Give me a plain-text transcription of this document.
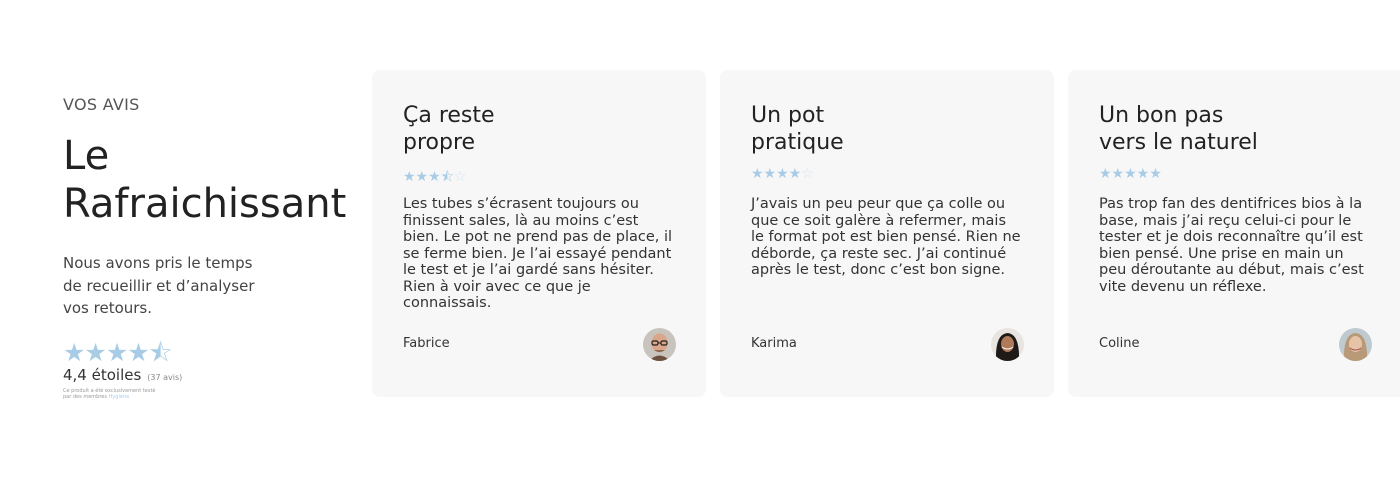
VOS AVIS
Le
Rafraichissant

Nous avons pris le temps de recueillir et d’analyser vos retours.

★★★★⯪
4,4 étoiles (37 avis)
Ce produit a été exclusivement testé par des membres Hygiène
Ça reste
propre
★★★⯪☆

Les tubes s’écrasent toujours ou finissent sales, là au moins c’est bien. Le pot ne prend pas de place, il se ferme bien. Je l’ai essayé pendant le test et je l’ai gardé sans hésiter. Rien à voir avec ce que je connaissais.

Fabrice
Un pot
pratique
★★★★☆

J’avais un peu peur que ça colle ou que ce soit galère à refermer, mais le format pot est bien pensé. Rien ne déborde, ça reste sec. J’ai continué après le test, donc c’est bon signe.

Karima
Un bon pas
vers le naturel
★★★★★

Pas trop fan des dentifrices bios à la base, mais j’ai reçu celui-ci pour le tester et je dois reconnaître qu’il est bien pensé. Une prise en main un peu déroutante au début, mais c’est vite devenu un réflexe.

Coline
